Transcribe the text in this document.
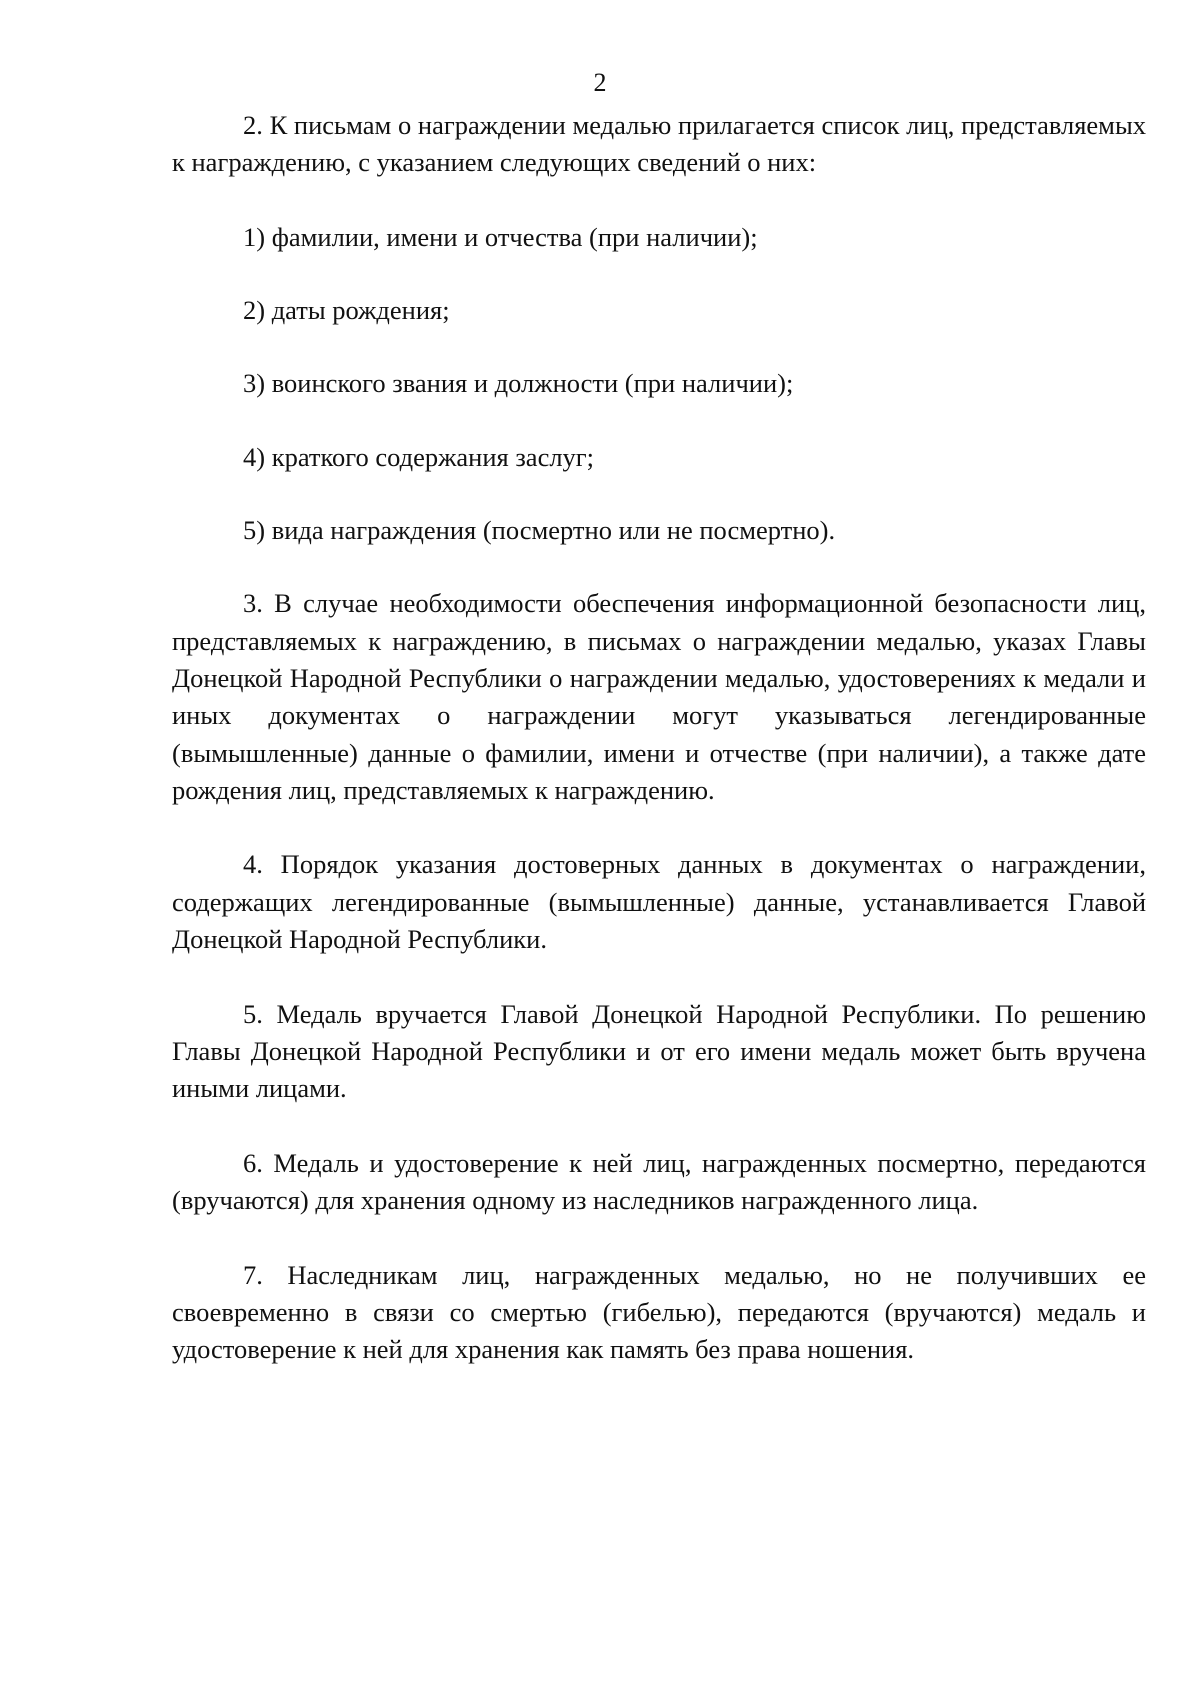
2

2. К письмам о награждении медалью прилагается список лиц, представляемых к награждению, с указанием следующих сведений о них:

1) фамилии, имени и отчества (при наличии);

2) даты рождения;

3) воинского звания и должности (при наличии);

4) краткого содержания заслуг;

5) вида награждения (посмертно или не посмертно).

3. В случае необходимости обеспечения информационной безопасности лиц, представляемых к награждению, в письмах о награждении медалью, указах Главы Донецкой Народной Республики о награждении медалью, удостоверениях к медали и иных документах о награждении могут указываться легендированные (вымышленные) данные о фамилии, имени и отчестве (при наличии), а также дате рождения лиц, представляемых к награждению.

4. Порядок указания достоверных данных в документах о награждении, содержащих легендированные (вымышленные) данные, устанавливается Главой Донецкой Народной Республики.

5. Медаль вручается Главой Донецкой Народной Республики. По решению Главы Донецкой Народной Республики и от его имени медаль может быть вручена иными лицами.

6. Медаль и удостоверение к ней лиц, награжденных посмертно, передаются (вручаются) для хранения одному из наследников награжденного лица.

7. Наследникам лиц, награжденных медалью, но не получивших ее своевременно в связи со смертью (гибелью), передаются (вручаются) медаль и удостоверение к ней для хранения как память без права ношения.
